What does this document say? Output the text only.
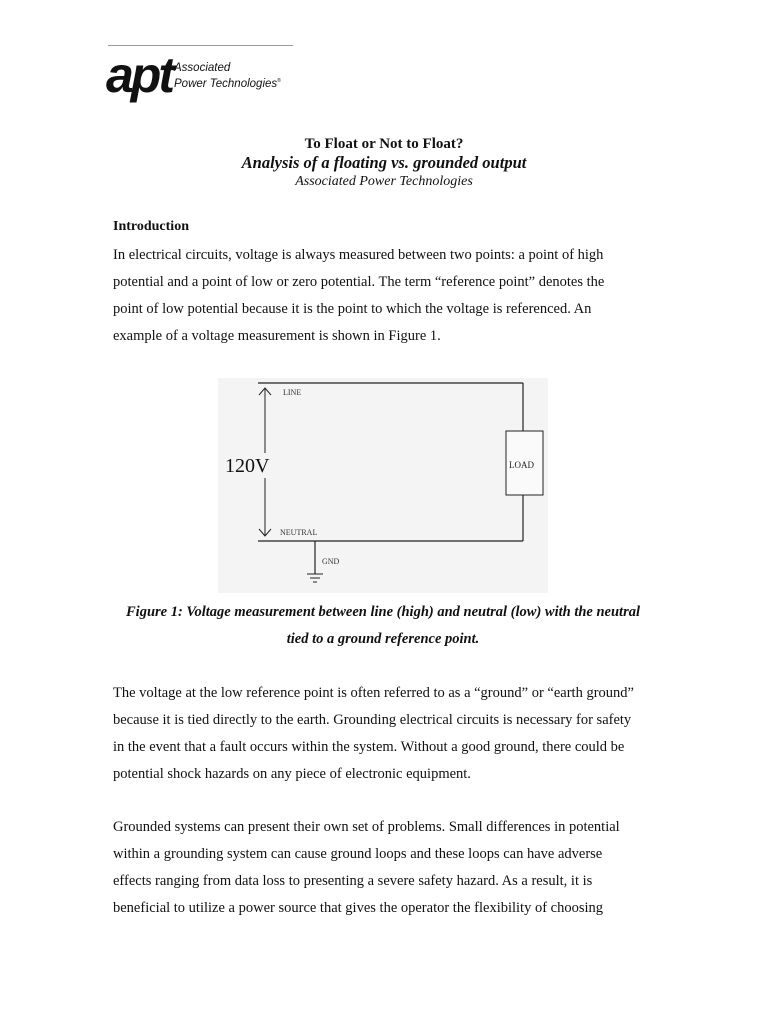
apt Associated
Power Technologies®
To Float or Not to Float?
Analysis of a floating vs. grounded output
Associated Power Technologies
Introduction
In electrical circuits, voltage is always measured between two points: a point of high
potential and a point of low or zero potential. The term “reference point” denotes the
point of low potential because it is the point to which the voltage is referenced. An
example of a voltage measurement is shown in Figure 1.
LINE
120V	LOAD
NEUTRAL
GND
Figure 1: Voltage measurement between line (high) and neutral (low) with the neutral
tied to a ground reference point.
The voltage at the low reference point is often referred to as a “ground” or “earth ground”
because it is tied directly to the earth. Grounding electrical circuits is necessary for safety
in the event that a fault occurs within the system. Without a good ground, there could be
potential shock hazards on any piece of electronic equipment.
Grounded systems can present their own set of problems. Small differences in potential
within a grounding system can cause ground loops and these loops can have adverse
effects ranging from data loss to presenting a severe safety hazard. As a result, it is
beneficial to utilize a power source that gives the operator the flexibility of choosing
